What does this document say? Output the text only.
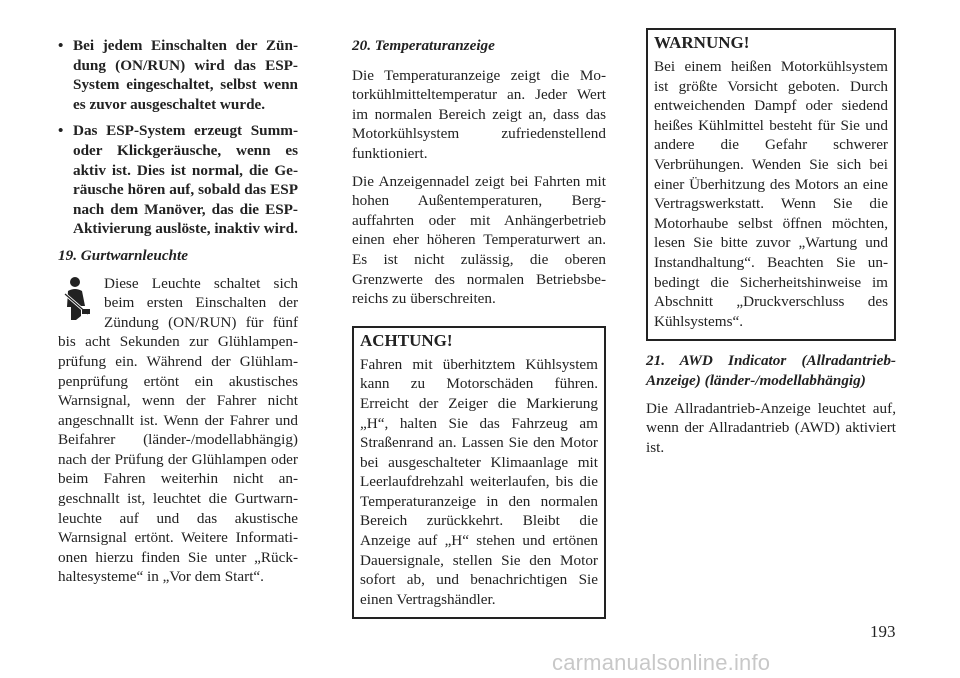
• Bei jedem Einschalten der Zündung (ON/RUN) wird das ESP-System eingeschaltet, selbst wenn es zuvor ausgeschaltet wurde.
• Das ESP-System erzeugt Summoder Klickgeräusche, wenn es aktiv ist. Dies ist normal, die Geräusche hören auf, sobald das ESP nach dem Manöver, das die ESP-Aktivierung auslöste, inaktiv wird.

19. Gurtwarnleuchte

Diese Leuchte schaltet sich beim ersten Einschalten der Zündung (ON/RUN) für fünf bis acht Sekunden zur Glühlampenprüfung ein. Während der Glühlampenprüfung ertönt ein akustisches Warnsignal, wenn der Fahrer nicht angeschnallt ist. Wenn der Fahrer und Beifahrer (länder-/modellabhängig) nach der Prüfung der Glühlampen oder beim Fahren weiterhin nicht angeschnallt ist, leuchtet die Gurtwarnleuchte auf und das akustische Warnsignal ertönt. Weitere Informationen hierzu finden Sie unter „Rückhaltesysteme“ in „Vor dem Start“.

20. Temperaturanzeige

Die Temperaturanzeige zeigt die Motorkühlmitteltemperatur an. Jeder Wert im normalen Bereich zeigt an, dass das Motorkühlsystem zufriedenstellend funktioniert.

Die Anzeigennadel zeigt bei Fahrten mit hohen Außentemperaturen, Bergauffahrten oder mit Anhängerbetrieb einen eher höheren Temperaturwert an. Es ist nicht zulässig, die oberen Grenzwerte des normalen Betriebsbereichs zu überschreiten.

ACHTUNG!

Fahren mit überhitztem Kühlsystem kann zu Motorschäden führen. Erreicht der Zeiger die Markierung „H“, halten Sie das Fahrzeug am Straßenrand an. Lassen Sie den Motor bei ausgeschalteter Klimaanlage mit Leerlaufdrehzahl weiterlaufen, bis die Temperaturanzeige in den normalen Bereich zurückkehrt. Bleibt die Anzeige auf „H“ stehen und ertönen Dauersignale, stellen Sie den Motor sofort ab, und benachrichtigen Sie einen Vertragshändler.

WARNUNG!

Bei einem heißen Motorkühlsystem ist größte Vorsicht geboten. Durch entweichenden Dampf oder siedend heißes Kühlmittel besteht für Sie und andere die Gefahr schwerer Verbrühungen. Wenden Sie sich bei einer Überhitzung des Motors an eine Vertragswerkstatt. Wenn Sie die Motorhaube selbst öffnen möchten, lesen Sie bitte zuvor „Wartung und Instandhaltung“. Beachten Sie unbedingt die Sicherheitshinweise im Abschnitt „Druckverschluss des Kühlsystems“.

21. AWD Indicator (Allradantrieb-Anzeige) (länder-/modellabhängig)

Die Allradantrieb-Anzeige leuchtet auf, wenn der Allradantrieb (AWD) aktiviert ist.

193
carmanualsonline.info
